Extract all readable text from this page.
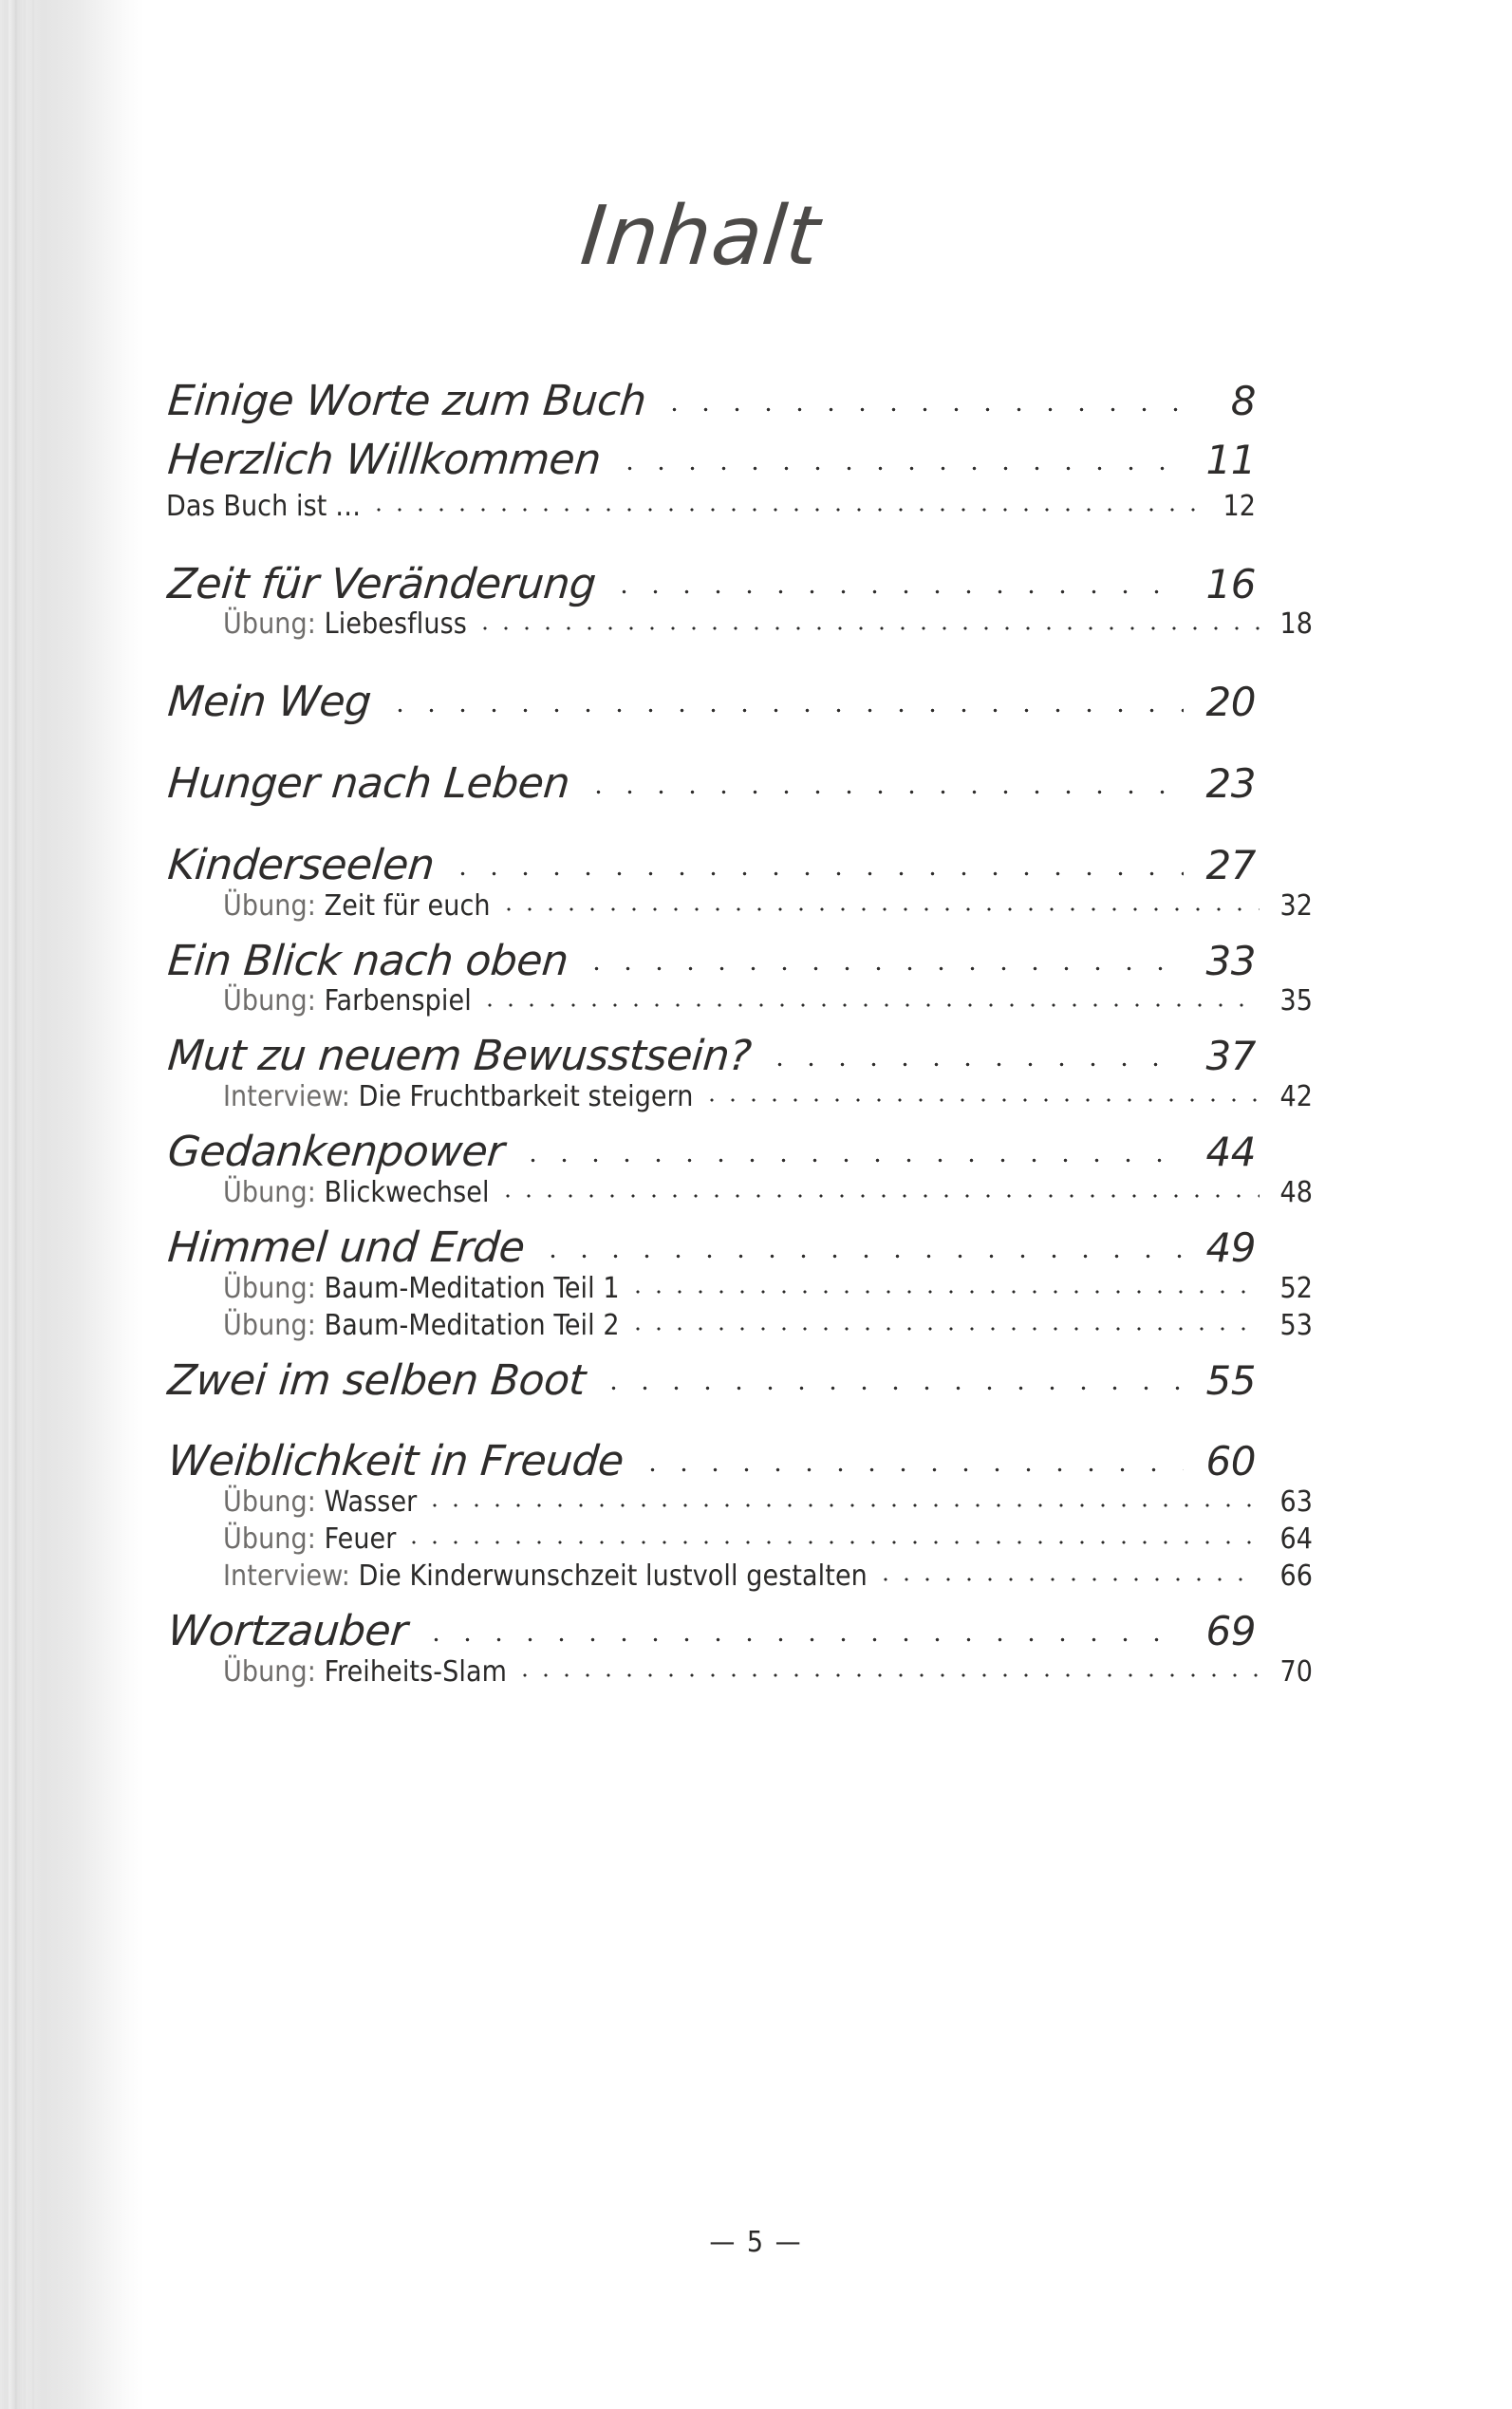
Inhalt
Einige Worte zum Buch	8
Herzlich Willkommen	11
Das Buch ist …	12
Zeit für Veränderung	16
Übung: Liebesfluss	18
Mein Weg	20
Hunger nach Leben	23
Kinderseelen	27
Übung: Zeit für euch	32
Ein Blick nach oben	33
Übung: Farbenspiel	35
Mut zu neuem Bewusstsein?	37
Interview: Die Fruchtbarkeit steigern	42
Gedankenpower	44
Übung: Blickwechsel	48
Himmel und Erde	49
Übung: Baum-Meditation Teil 1	52
Übung: Baum-Meditation Teil 2	53
Zwei im selben Boot	55
Weiblichkeit in Freude	60
Übung: Wasser	63
Übung: Feuer	64
Interview: Die Kinderwunschzeit lustvoll gestalten	66
Wortzauber	69
Übung: Freiheits-Slam	70
— 5 —
